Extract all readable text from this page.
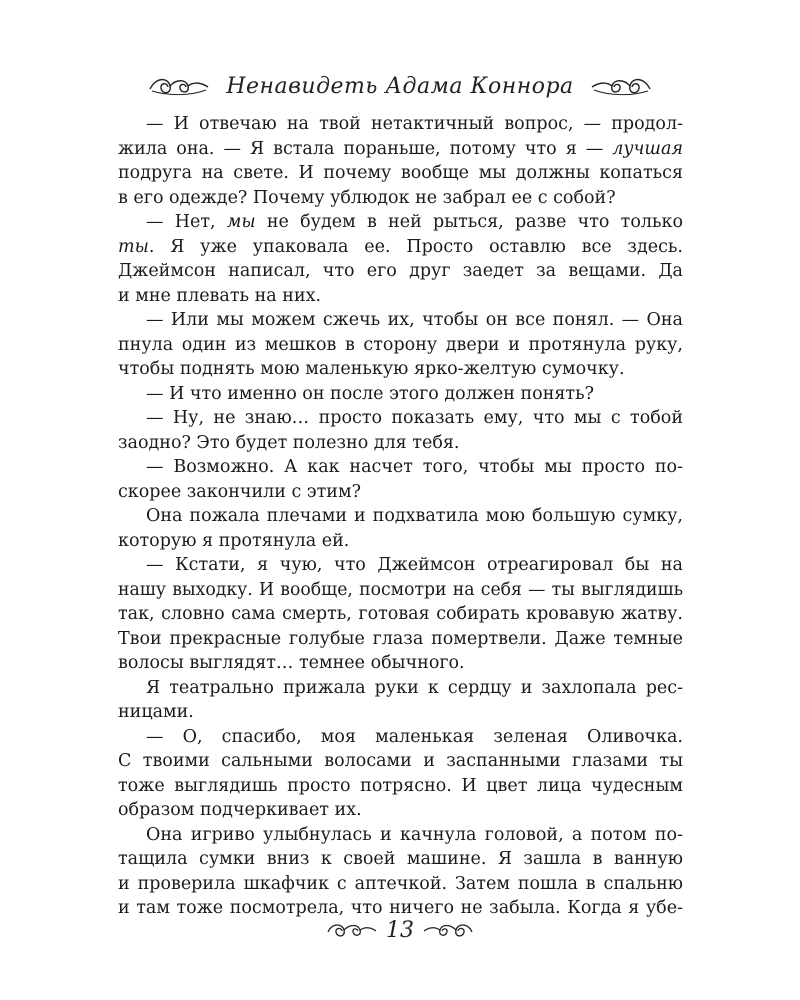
Ненавидеть Адама Коннора
— И отвечаю на твой нетактичный вопрос, — продол-
жила она. — Я встала пораньше, потому что я — лучшая
подруга на свете. И почему вообще мы должны копаться
в его одежде? Почему ублюдок не забрал ее с собой?
— Нет, мы не будем в ней рыться, разве что только
ты. Я уже упаковала ее. Просто оставлю все здесь.
Джеймсон написал, что его друг заедет за вещами. Да
и мне плевать на них.
— Или мы можем сжечь их, чтобы он все понял. — Она
пнула один из мешков в сторону двери и протянула руку,
чтобы поднять мою маленькую ярко-желтую сумочку.
— И что именно он после этого должен понять?
— Ну, не знаю… просто показать ему, что мы с тобой
заодно? Это будет полезно для тебя.
— Возможно. А как насчет того, чтобы мы просто по-
скорее закончили с этим?
Она пожала плечами и подхватила мою большую сумку,
которую я протянула ей.
— Кстати, я чую, что Джеймсон отреагировал бы на
нашу выходку. И вообще, посмотри на себя — ты выглядишь
так, словно сама смерть, готовая собирать кровавую жатву.
Твои прекрасные голубые глаза помертвели. Даже темные
волосы выглядят… темнее обычного.
Я театрально прижала руки к сердцу и захлопала рес-
ницами.
— О, спасибо, моя маленькая зеленая Оливочка.
С твоими сальными волосами и заспанными глазами ты
тоже выглядишь просто потрясно. И цвет лица чудесным
образом подчеркивает их.
Она игриво улыбнулась и качнула головой, а потом по-
тащила сумки вниз к своей машине. Я зашла в ванную
и проверила шкафчик с аптечкой. Затем пошла в спальню
и там тоже посмотрела, что ничего не забыла. Когда я убе-
13
